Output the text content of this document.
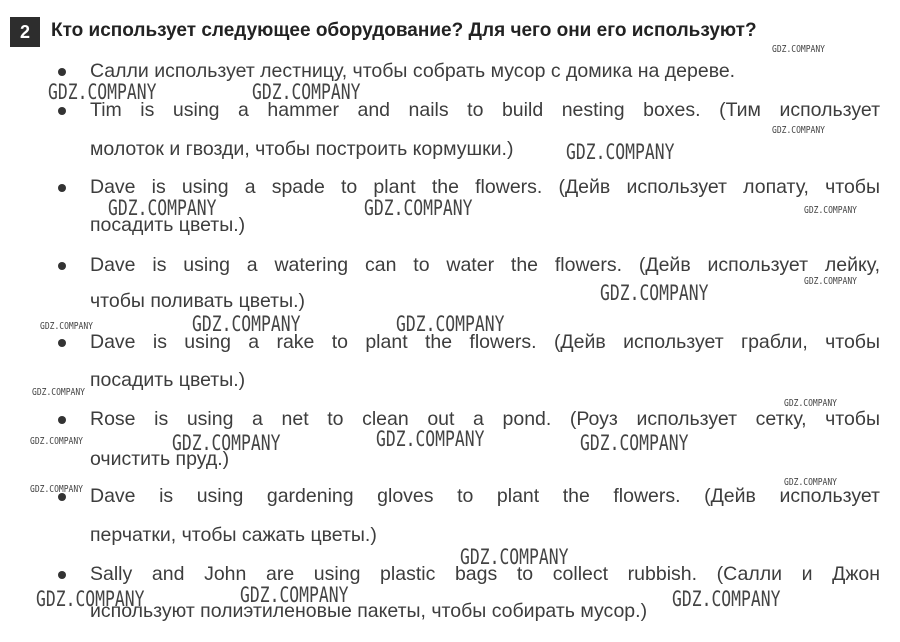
2	Кто использует следующее оборудование? Для чего они его используют?
Салли использует лестницу, чтобы собрать мусор с домика на дереве.
Tim is using a hammer and nails to build nesting boxes. (Тим использует
молоток и гвозди, чтобы построить кормушки.)
Dave is using a spade to plant the flowers. (Дейв использует лопату, чтобы
посадить цветы.)
Dave is using a watering can to water the flowers. (Дейв использует лейку,
чтобы поливать цветы.)
Dave is using a rake to plant the flowers. (Дейв использует грабли, чтобы
посадить цветы.)
Rose is using a net to clean out a pond. (Роуз использует сетку, чтобы
очистить пруд.)
Dave is using gardening gloves to plant the flowers. (Дейв использует
перчатки, чтобы сажать цветы.)
Sally and John are using plastic bags to collect rubbish. (Салли и Джон
используют полиэтиленовые пакеты, чтобы собирать мусор.)
GDZ.COMPANY
GDZ.COMPANY	GDZ.COMPANY
GDZ.COMPANY
GDZ.COMPANY
GDZ.COMPANY	GDZ.COMPANY	GDZ.COMPANY
GDZ.COMPANY
GDZ.COMPANY
GDZ.COMPANY	GDZ.COMPANY	GDZ.COMPANY
GDZ.COMPANY
GDZ.COMPANY
GDZ.COMPANY	GDZ.COMPANY	GDZ.COMPANY	GDZ.COMPANY
GDZ.COMPANY
GDZ.COMPANY
GDZ.COMPANY
GDZ.COMPANY	GDZ.COMPANY	GDZ.COMPANY
